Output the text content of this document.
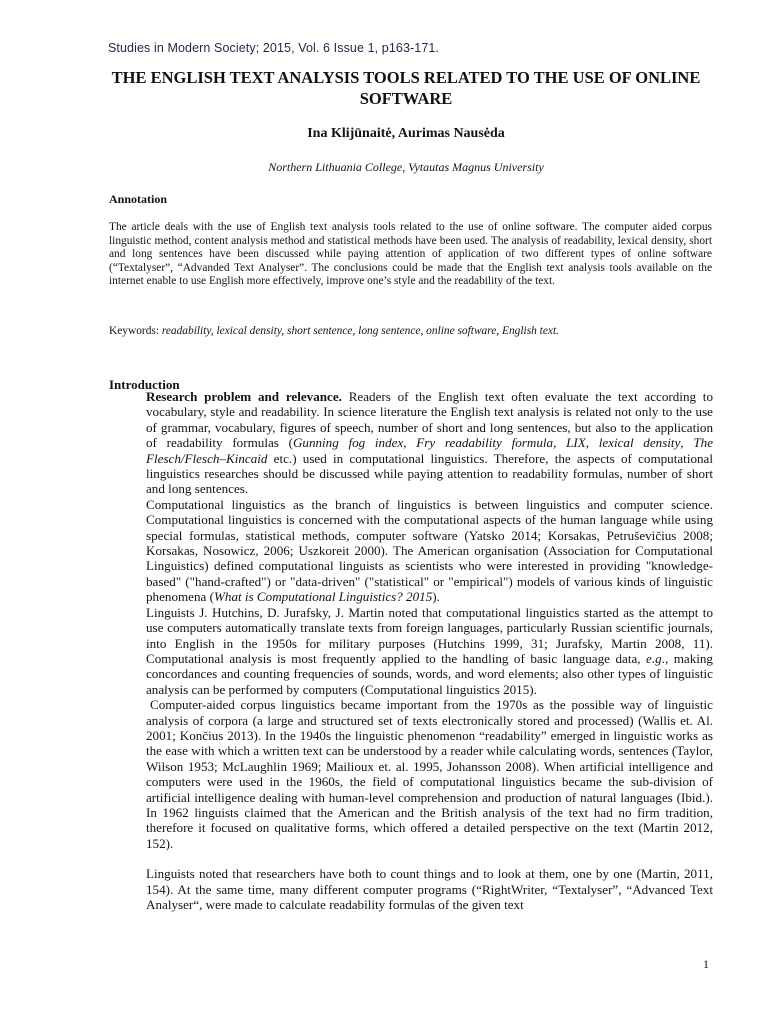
Studies in Modern Society; 2015, Vol. 6 Issue 1, p163-171.
THE ENGLISH TEXT ANALYSIS TOOLS RELATED TO THE USE OF ONLINE SOFTWARE
Ina Klijūnaitė, Aurimas Nausėda
Northern Lithuania College, Vytautas Magnus University
Annotation
The article deals with the use of English text analysis tools related to the use of online software. The computer aided corpus linguistic method, content analysis method and statistical methods have been used. The analysis of readability, lexical density, short and long sentences have been discussed while paying attention of application of two different types of online software (“Textalyser”, “Advanded Text Analyser”. The conclusions could be made that the English text analysis tools available on the internet enable to use English more effectively, improve one’s style and the readability of the text.
Keywords: readability, lexical density, short sentence, long sentence, online software, English text.
Introduction

Research problem and relevance. Readers of the English text often evaluate the text according to vocabulary, style and readability. In science literature the English text analysis is related not only to the use of grammar, vocabulary, figures of speech, number of short and long sentences, but also to the application of readability formulas (Gunning fog index, Fry readability formula, LIX, lexical density, The Flesch/Flesch–Kincaid etc.) used in computational linguistics. Therefore, the aspects of computational linguistics researches should be discussed while paying attention to readability formulas, number of short and long sentences.

Computational linguistics as the branch of linguistics is between linguistics and computer science. Computational linguistics is concerned with the computational aspects of the human language while using special formulas, statistical methods, computer software (Yatsko 2014; Korsakas, Petruševičius 2008; Korsakas, Nosowicz, 2006; Uszkoreit 2000). The American organisation (Association for Computational Linguistics) defined computational linguists as scientists who were interested in providing "knowledge-based" ("hand-crafted") or "data-driven" ("statistical" or "empirical") models of various kinds of linguistic phenomena (What is Computational Linguistics? 2015).

Linguists J. Hutchins, D. Jurafsky, J. Martin noted that computational linguistics started as the attempt to use computers automatically translate texts from foreign languages, particularly Russian scientific journals, into English in the 1950s for military purposes (Hutchins 1999, 31; Jurafsky, Martin 2008, 11). Computational analysis is most frequently applied to the handling of basic language data, e.g., making concordances and counting frequencies of sounds, words, and word elements; also other types of linguistic analysis can be performed by computers (Computational linguistics 2015).

Computer-aided corpus linguistics became important from the 1970s as the possible way of linguistic analysis of corpora (a large and structured set of texts electronically stored and processed) (Wallis et. Al. 2001; Končius 2013). In the 1940s the linguistic phenomenon “readability” emerged in linguistic works as the ease with which a written text can be understood by a reader while calculating words, sentences (Taylor, Wilson 1953; McLaughlin 1969; Mailioux et. al. 1995, Johansson 2008). When artificial intelligence and computers were used in the 1960s, the field of computational linguistics became the sub-division of artificial intelligence dealing with human-level comprehension and production of natural languages (Ibid.). In 1962 linguists claimed that the American and the British analysis of the text had no firm tradition, therefore it focused on qualitative forms, which offered a detailed perspective on the text (Martin 2012, 152).

Linguists noted that researchers have both to count things and to look at them, one by one (Martin, 2011, 154). At the same time, many different computer programs (“RightWriter, “Textalyser”, “Advanced Text Analyser“, were made to calculate readability formulas of the given text

1
